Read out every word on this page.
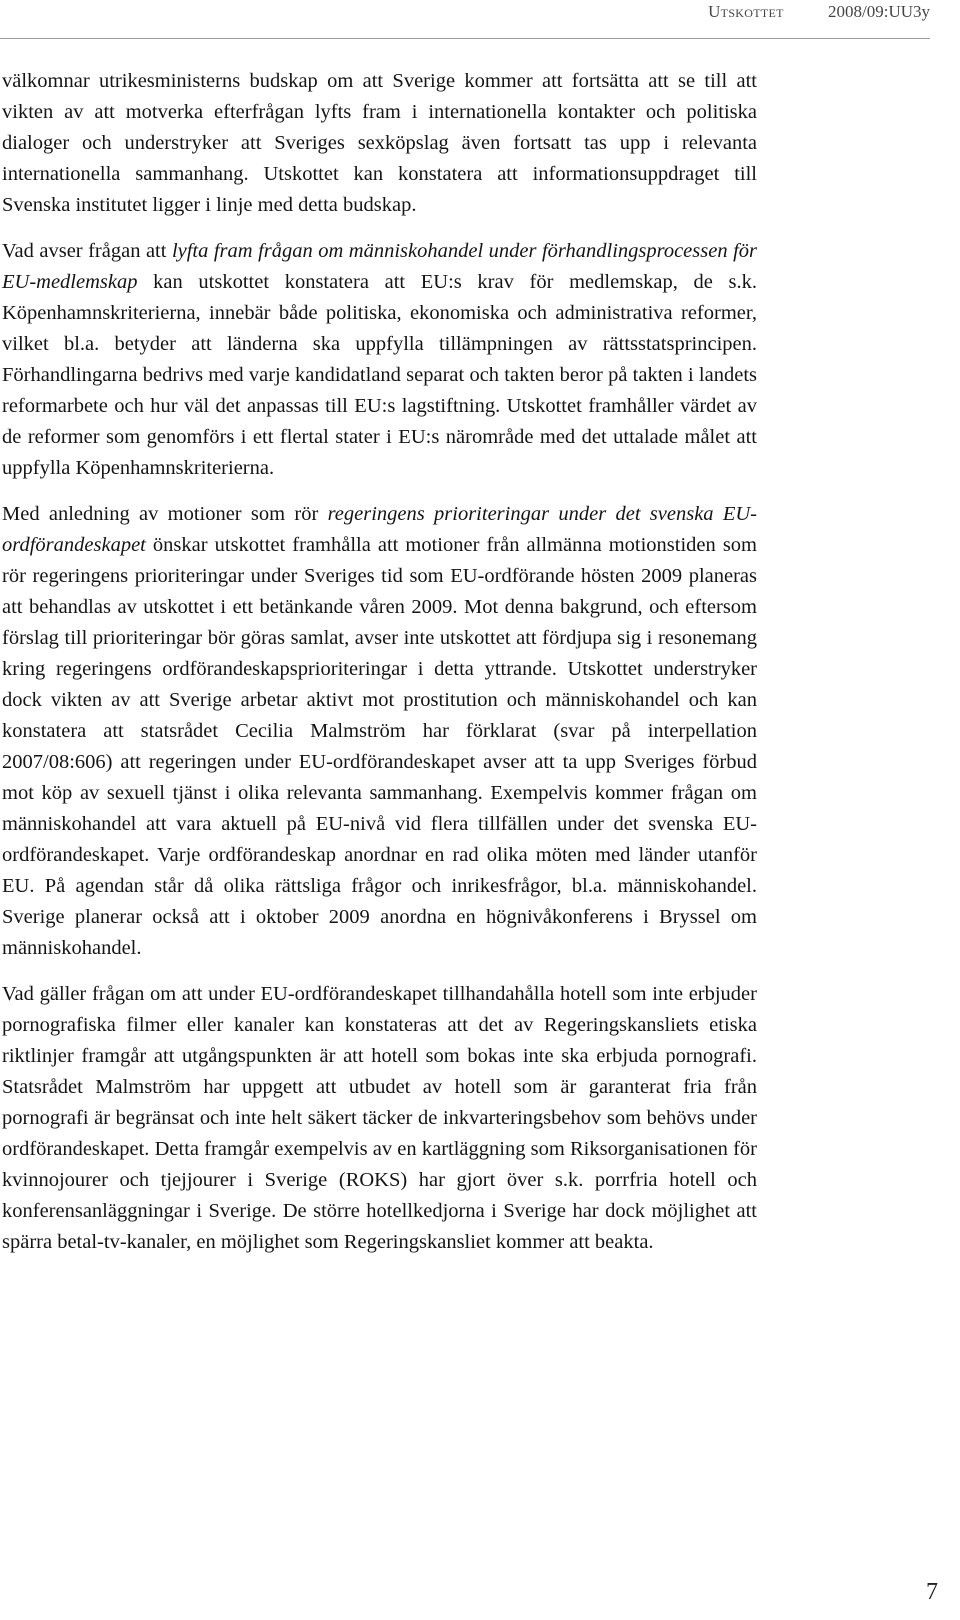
Utskottet	2008/09:UU3y

välkomnar utrikesministerns budskap om att Sverige kommer att fortsätta att se till att vikten av att motverka efterfrågan lyfts fram i internationella kontakter och politiska dialoger och understryker att Sveriges sexköpslag även fortsatt tas upp i relevanta internationella sammanhang. Utskottet kan konstatera att informationsuppdraget till Svenska institutet ligger i linje med detta budskap.

Vad avser frågan att lyfta fram frågan om människohandel under förhandlingsprocessen för EU-medlemskap kan utskottet konstatera att EU:s krav för medlemskap, de s.k. Köpenhamnskriterierna, innebär både politiska, ekonomiska och administrativa reformer, vilket bl.a. betyder att länderna ska uppfylla tillämpningen av rättsstatsprincipen. Förhandlingarna bedrivs med varje kandidatland separat och takten beror på takten i landets reformarbete och hur väl det anpassas till EU:s lagstiftning. Utskottet framhåller värdet av de reformer som genomförs i ett flertal stater i EU:s närområde med det uttalade målet att uppfylla Köpenhamnskriterierna.

Med anledning av motioner som rör regeringens prioriteringar under det svenska EU-ordförandeskapet önskar utskottet framhålla att motioner från allmänna motionstiden som rör regeringens prioriteringar under Sveriges tid som EU-ordförande hösten 2009 planeras att behandlas av utskottet i ett betänkande våren 2009. Mot denna bakgrund, och eftersom förslag till prioriteringar bör göras samlat, avser inte utskottet att fördjupa sig i resonemang kring regeringens ordförandeskapsprioriteringar i detta yttrande. Utskottet understryker dock vikten av att Sverige arbetar aktivt mot prostitution och människohandel och kan konstatera att statsrådet Cecilia Malmström har förklarat (svar på interpellation 2007/08:606) att regeringen under EU-ordförandeskapet avser att ta upp Sveriges förbud mot köp av sexuell tjänst i olika relevanta sammanhang. Exempelvis kommer frågan om människohandel att vara aktuell på EU-nivå vid flera tillfällen under det svenska EU-ordförandeskapet. Varje ordförandeskap anordnar en rad olika möten med länder utanför EU. På agendan står då olika rättsliga frågor och inrikesfrågor, bl.a. människohandel. Sverige planerar också att i oktober 2009 anordna en högnivåkonferens i Bryssel om människohandel.

Vad gäller frågan om att under EU-ordförandeskapet tillhandahålla hotell som inte erbjuder pornografiska filmer eller kanaler kan konstateras att det av Regeringskansliets etiska riktlinjer framgår att utgångspunkten är att hotell som bokas inte ska erbjuda pornografi. Statsrådet Malmström har uppgett att utbudet av hotell som är garanterat fria från pornografi är begränsat och inte helt säkert täcker de inkvarteringsbehov som behövs under ordförandeskapet. Detta framgår exempelvis av en kartläggning som Riksorganisationen för kvinnojourer och tjejjourer i Sverige (ROKS) har gjort över s.k. porrfria hotell och konferensanläggningar i Sverige. De större hotellkedjorna i Sverige har dock möjlighet att spärra betal-tv-kanaler, en möjlighet som Regeringskansliet kommer att beakta.

7
